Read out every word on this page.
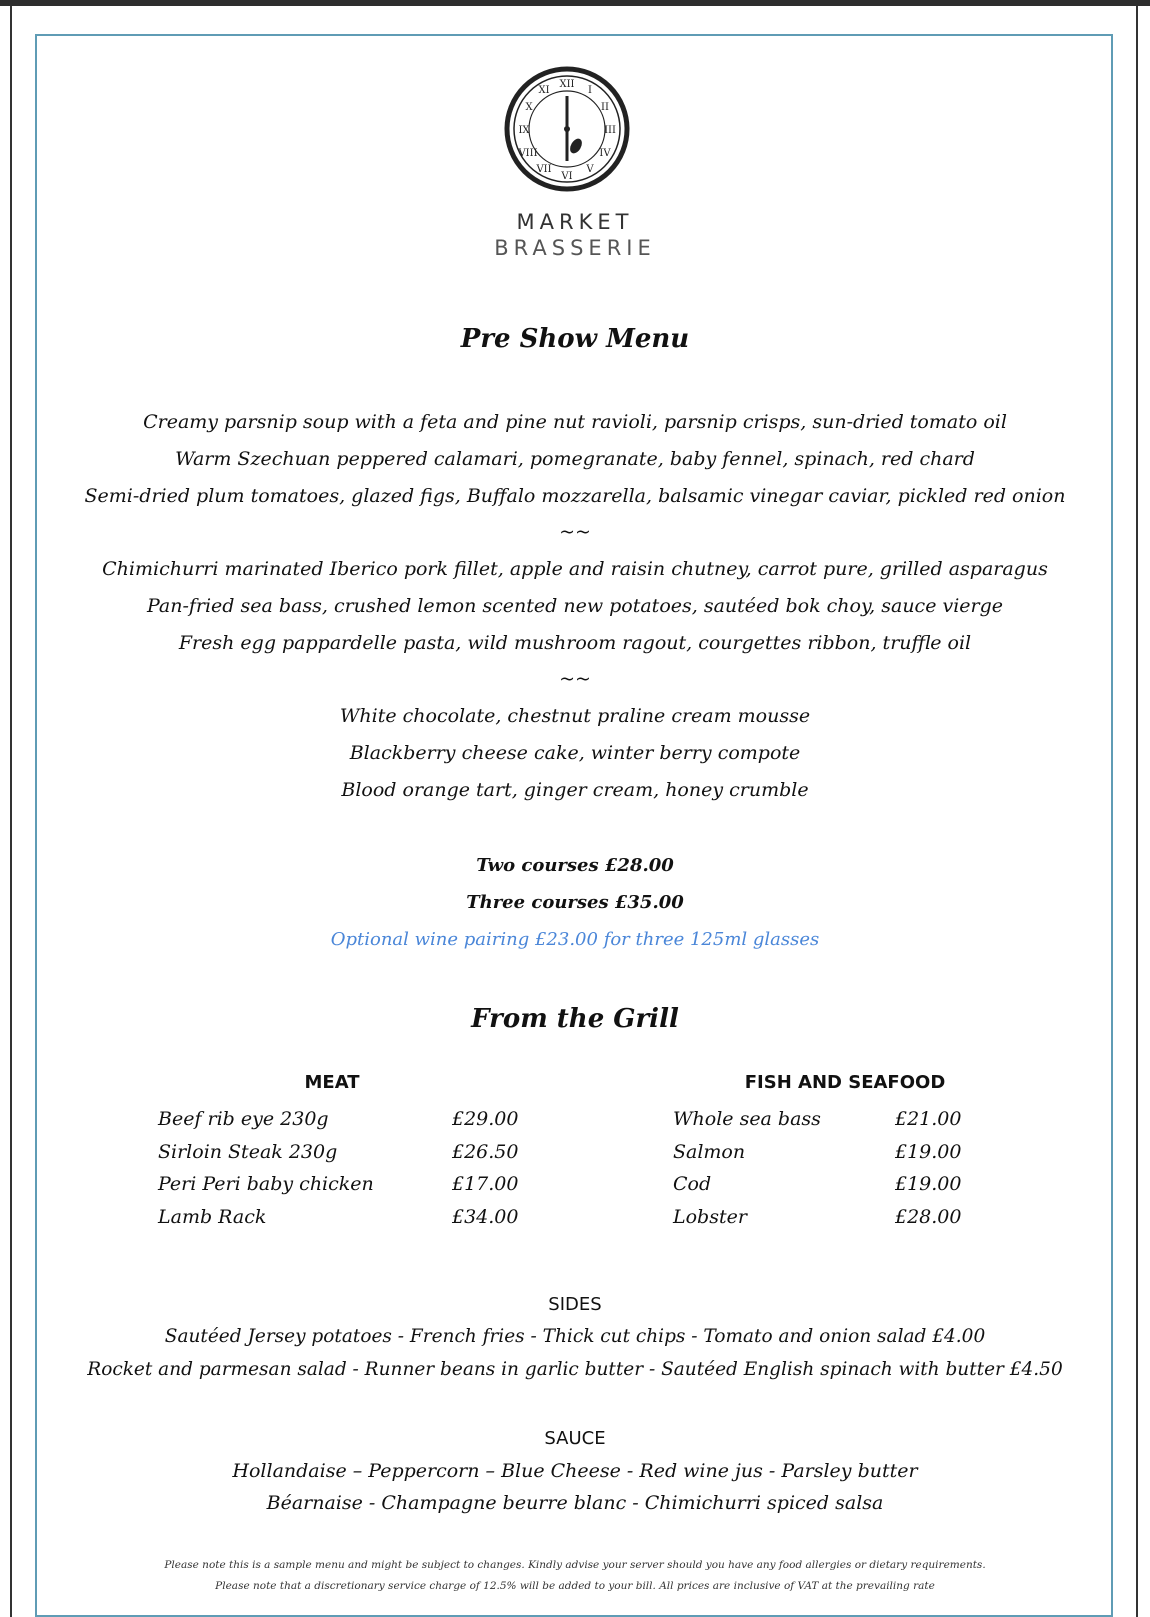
XII
I
II
III
IV
V
VI
VII
VIII
IX
X
XI
MARKET
BRASSERIE
Pre Show Menu
Creamy parsnip soup with a feta and pine nut ravioli, parsnip crisps, sun-dried tomato oil
Warm Szechuan peppered calamari, pomegranate, baby fennel, spinach, red chard
Semi-dried plum tomatoes, glazed figs, Buffalo mozzarella, balsamic vinegar caviar, pickled red onion
~~
Chimichurri marinated Iberico pork fillet, apple and raisin chutney, carrot pure, grilled asparagus
Pan-fried sea bass, crushed lemon scented new potatoes, sautéed bok choy, sauce vierge
Fresh egg pappardelle pasta, wild mushroom ragout, courgettes ribbon, truffle oil
~~
White chocolate, chestnut praline cream mousse
Blackberry cheese cake, winter berry compote
Blood orange tart, ginger cream, honey crumble
Two courses £28.00
Three courses £35.00
Optional wine pairing £23.00 for three 125ml glasses
From the Grill
MEAT	FISH AND SEAFOOD
Beef rib eye 230g	£29.00
Sirloin Steak 230g	£26.50
Peri Peri baby chicken	£17.00
Lamb Rack	£34.00
Whole sea bass	£21.00
Salmon	£19.00
Cod	£19.00
Lobster	£28.00
SIDES
Sautéed Jersey potatoes - French fries - Thick cut chips - Tomato and onion salad £4.00
Rocket and parmesan salad - Runner beans in garlic butter - Sautéed English spinach with butter £4.50
SAUCE
Hollandaise – Peppercorn – Blue Cheese - Red wine jus - Parsley butter
Béarnaise - Champagne beurre blanc - Chimichurri spiced salsa
Please note this is a sample menu and might be subject to changes. Kindly advise your server should you have any food allergies or dietary requirements.
Please note that a discretionary service charge of 12.5% will be added to your bill. All prices are inclusive of VAT at the prevailing rate
